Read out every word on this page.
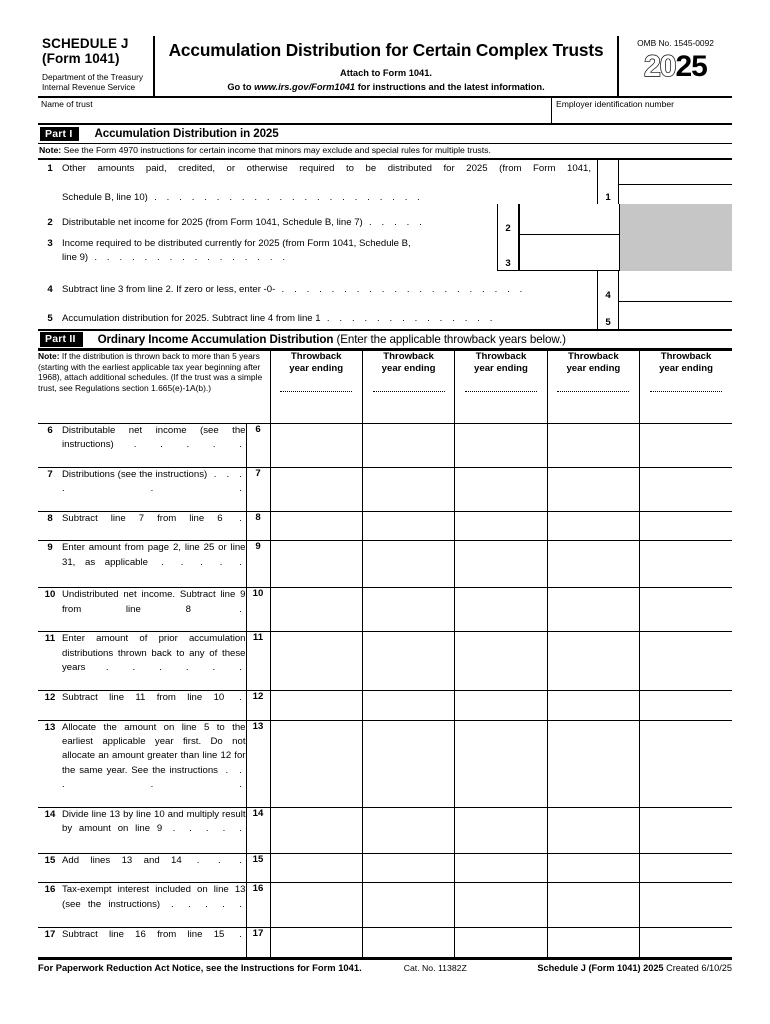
SCHEDULE J
(Form 1041)
Department of the Treasury
Internal Revenue Service
Accumulation Distribution for Certain Complex Trusts
Attach to Form 1041.
Go to www.irs.gov/Form1041 for instructions and the latest information.
OMB No. 1545-0092
2025
Name of trust	Employer identification number
Part I	Accumulation Distribution in 2025
Note: See the Form 4970 instructions for certain income that minors may exclude and special rules for multiple trusts.
1 Other amounts paid, credited, or otherwise required to be distributed for 2025 (from Form 1041,
Schedule B, line 10) . . . . . . . . . . . . . . . . . . . . . .	1
2 Distributable net income for 2025 (from Form 1041, Schedule B, line 7) . . . . .
2
3 Income required to be distributed currently for 2025 (from Form 1041, Schedule B,
line 9) . . . . . . . . . . . . . . . .	3
4 Subtract line 3 from line 2. If zero or less, enter -0- . . . . . . . . . . . . . . . . . . . .
4
5 Accumulation distribution for 2025. Subtract line 4 from line 1 . . . . . . . . . . . . . .	5
Part II	Ordinary Income Accumulation Distribution (Enter the applicable throwback years below.)
Note: If the distribution is thrown back to more than 5 years (starting with the earliest applicable tax year beginning after 1968), attach additional schedules. (If the trust was a simple trust, see Regulations section 1.665(e)-1A(b).)	
Throwback
year ending

Throwback
year ending

Throwback
year ending

Throwback
year ending

Throwback
year ending

6 Distributable net income (see the instructions) . . . . .	6					

7 Distributions (see the instructions) . . . . . .	7					

8 Subtract line 7 from line 6 .	8					

9 Enter amount from page 2, line 25 or line 31, as applicable . . . . .	9					

10 Undistributed net income. Subtract line 9 from line 8 .	10					

11 Enter amount of prior accumulation distributions thrown back to any of these years . . . . . .	11					

12 Subtract line 11 from line 10 .	12					

13 Allocate the amount on line 5 to the earliest applicable year first. Do not allocate an amount greater than line 12 for the same year. See the instructions . . . . .	13					

14 Divide line 13 by line 10 and multiply result by amount on line 9 . . . . .	14					

15 Add lines 13 and 14 . . .	15					

16 Tax-exempt interest included on line 13 (see the instructions) . . . . .	16					

17 Subtract line 16 from line 15 .	17					
For Paperwork Reduction Act Notice, see the Instructions for Form 1041.	Cat. No. 11382Z	Schedule J (Form 1041) 2025 Created 6/10/25
